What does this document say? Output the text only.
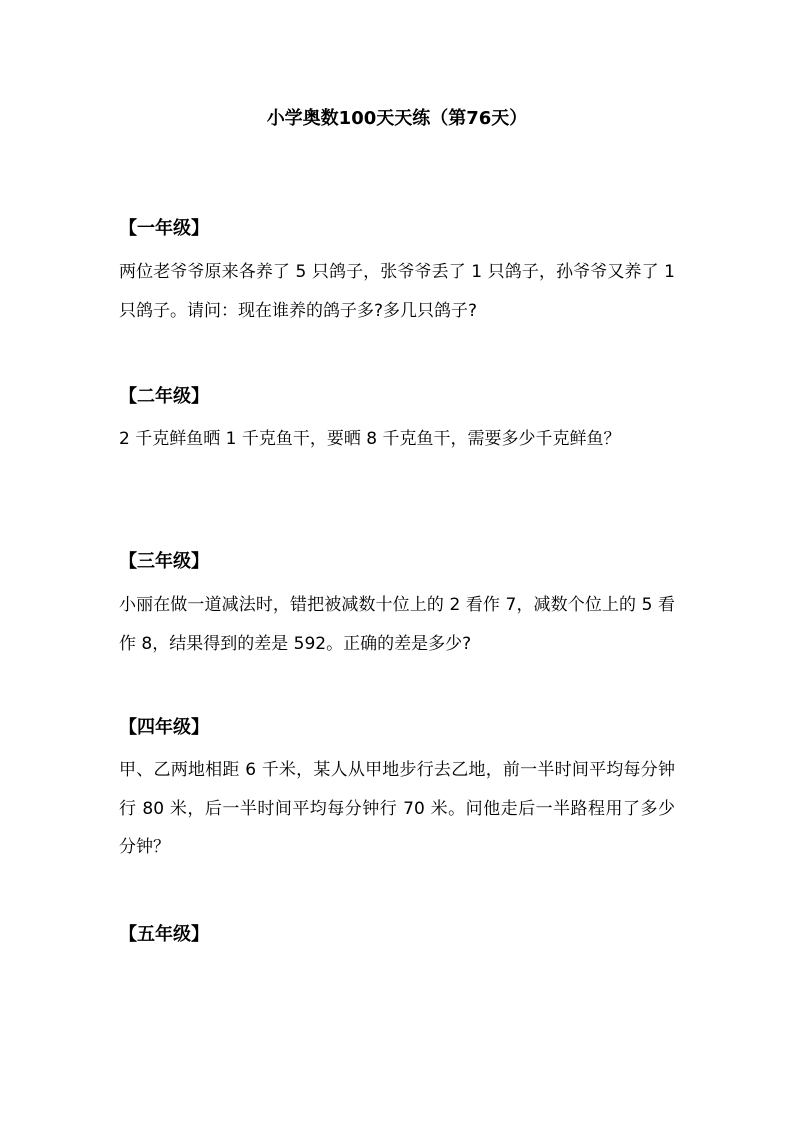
小学奥数100天天练（第76天）
【一年级】
两位老爷爷原来各养了 5 只鸽子，张爷爷丢了 1 只鸽子，孙爷爷又养了 1 只鸽子。请问：现在谁养的鸽子多?多几只鸽子?
【二年级】
2 千克鲜鱼晒 1 千克鱼干，要晒 8 千克鱼干，需要多少千克鲜鱼？
【三年级】
小丽在做一道减法时，错把被减数十位上的 2 看作 7，减数个位上的 5 看作 8，结果得到的差是 592。正确的差是多少?
【四年级】
甲、乙两地相距 6 千米，某人从甲地步行去乙地，前一半时间平均每分钟行 80 米，后一半时间平均每分钟行 70 米。问他走后一半路程用了多少分钟？
【五年级】
